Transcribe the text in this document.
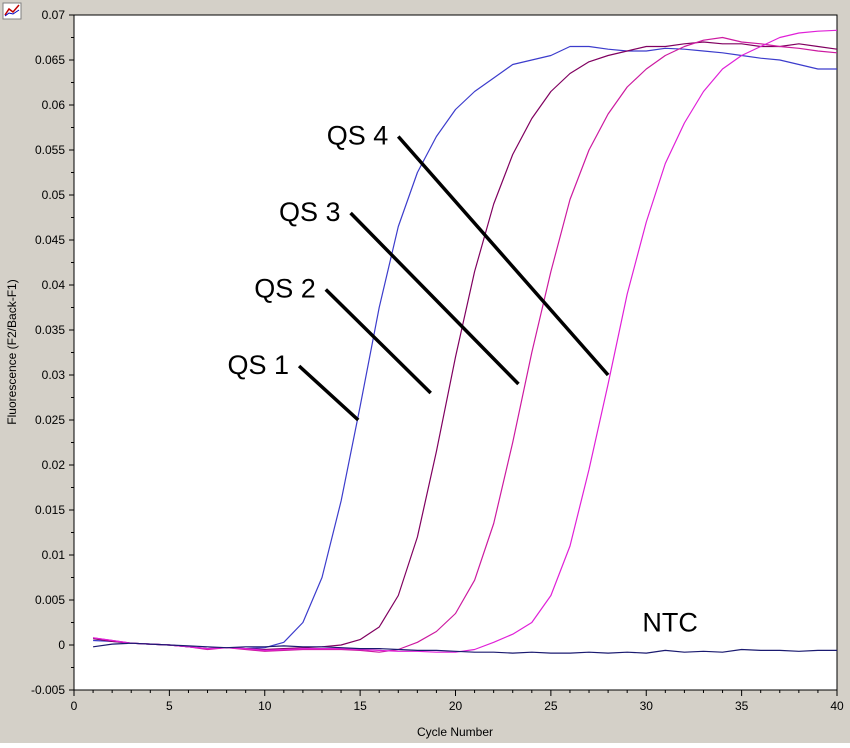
-0.005
0
0.005
0.01
0.015
0.02
0.025
0.03
0.035
0.04
0.045
0.05
0.055
0.06
0.065
0.07
0	5	10	15	20	25	30	35	40
QS 4
QS 3
QS 2
QS 1
NTC
Cycle Number
Fluorescence (F2/Back-F1)
